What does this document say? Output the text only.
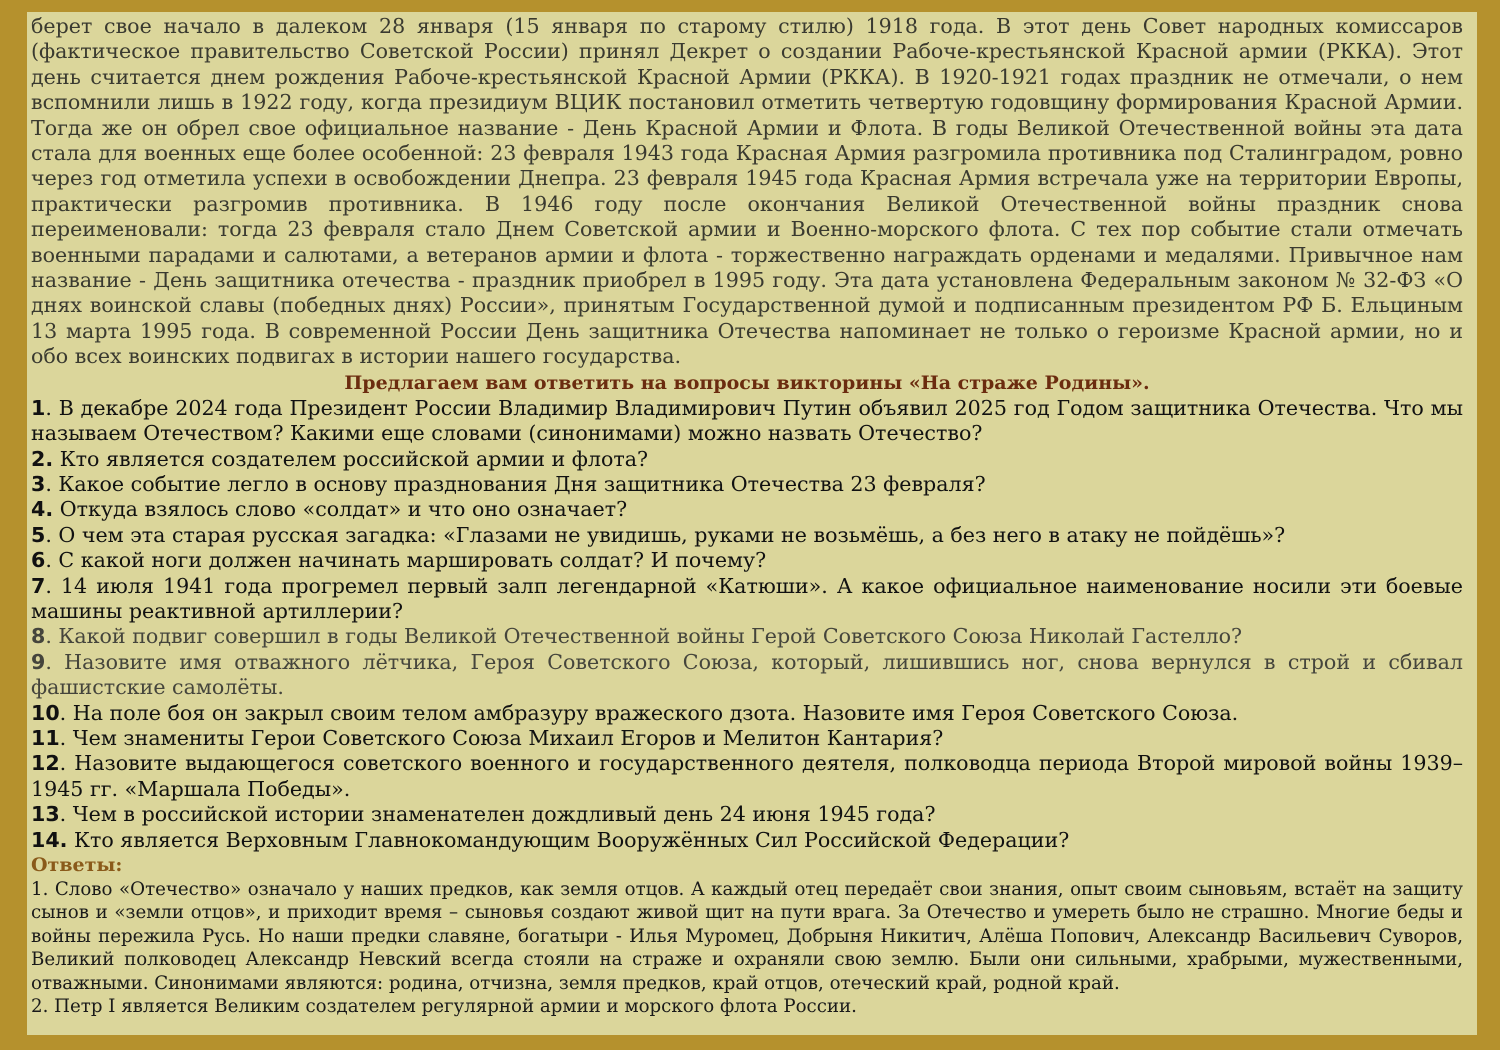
берет свое начало в далеком 28 января (15 января по старому стилю) 1918 года. В этот день Совет народных комиссаров (фактическое правительство Советской России) принял Декрет о создании Рабоче-крестьянской Красной армии (РККА). Этот день считается днем рождения Рабоче-крестьянской Красной Армии (РККА). В 1920-1921 годах праздник не отмечали, о нем вспомнили лишь в 1922 году, когда президиум ВЦИК постановил отметить четвертую годовщину формирования Красной Армии. Тогда же он обрел свое официальное название - День Красной Армии и Флота. В годы Великой Отечественной войны эта дата стала для военных еще более особенной: 23 февраля 1943 года Красная Армия разгромила противника под Сталинградом, ровно через год отметила успехи в освобождении Днепра. 23 февраля 1945 года Красная Армия встречала уже на территории Европы, практически разгромив противника. В 1946 году после окончания Великой Отечественной войны праздник снова переименовали: тогда 23 февраля стало Днем Советской армии и Военно-морского флота. С тех пор событие стали отмечать военными парадами и салютами, а ветеранов армии и флота - торжественно награждать орденами и медалями. Привычное нам название - День защитника отечества - праздник приобрел в 1995 году. Эта дата установлена Федеральным законом № 32-ФЗ «О днях воинской славы (победных днях) России», принятым Государственной думой и подписанным президентом РФ Б. Ельциным 13 марта 1995 года. В современной России День защитника Отечества напоминает не только о героизме Красной армии, но и обо всех воинских подвигах в истории нашего государства.

Предлагаем вам ответить на вопросы викторины «На страже Родины».

1. В декабре 2024 года Президент России Владимир Владимирович Путин объявил 2025 год Годом защитника Отечества. Что мы называем Отечеством? Какими еще словами (синонимами) можно назвать Отечество?

2. Кто является создателем российской армии и флота?

3. Какое событие легло в основу празднования Дня защитника Отечества 23 февраля?

4. Откуда взялось слово «солдат» и что оно означает?

5. О чем эта старая русская загадка: «Глазами не увидишь, руками не возьмёшь, а без него в атаку не пойдёшь»?

6. С какой ноги должен начинать маршировать солдат? И почему?

7. 14 июля 1941 года прогремел первый залп легендарной «Катюши». А какое официальное наименование носили эти боевые машины реактивной артиллерии?

8. Какой подвиг совершил в годы Великой Отечественной войны Герой Советского Союза Николай Гастелло?

9. Назовите имя отважного лётчика, Героя Советского Союза, который, лишившись ног, снова вернулся в строй и сбивал фашистские самолёты.

10. На поле боя он закрыл своим телом амбразуру вражеского дзота. Назовите имя Героя Советского Союза.

11. Чем знамениты Герои Советского Союза Михаил Егоров и Мелитон Кантария?

12. Назовите выдающегося советского военного и государственного деятеля, полководца периода Второй мировой войны 1939–1945 гг. «Маршала Победы».

13. Чем в российской истории знаменателен дождливый день 24 июня 1945 года?

14. Кто является Верховным Главнокомандующим Вооружённых Сил Российской Федерации?

Ответы:

1. Слово «Отечество» означало у наших предков, как земля отцов. А каждый отец передаёт свои знания, опыт своим сыновьям, встаёт на защиту сынов и «земли отцов», и приходит время – сыновья создают живой щит на пути врага. За Отечество и умереть было не страшно. Многие беды и войны пережила Русь. Но наши предки славяне, богатыри - Илья Муромец, Добрыня Никитич, Алёша Попович, Александр Васильевич Суворов, Великий полководец Александр Невский всегда стояли на страже и охраняли свою землю. Были они сильными, храбрыми, мужественными, отважными. Синонимами являются: родина, отчизна, земля предков, край отцов, отеческий край, родной край.

2. Петр I является Великим создателем регулярной армии и морского флота России.
